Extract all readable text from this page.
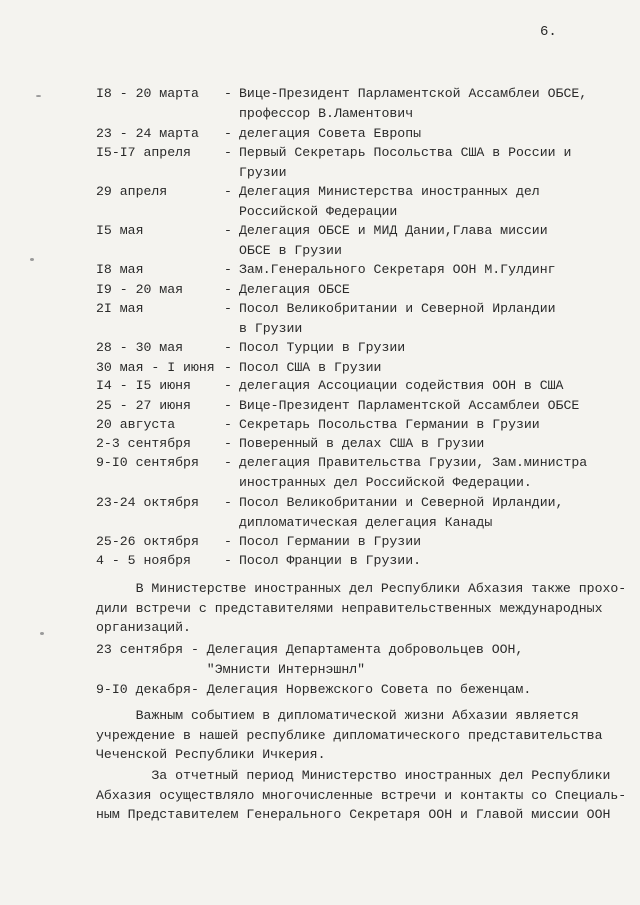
6.
I8 - 20 марта - Вице-Президент Парламентской Ассамблеи ОБСЕ,
профессор В.Ламентович
23 - 24 марта - делегация Совета Европы
I5-I7 апреля	- Первый Секретарь Посольства США в России и
Грузии
29 апреля	- Делегация Министерства иностранных дел
Российской Федерации
I5 мая	- Делегация ОБСЕ и МИД Дании,Глава миссии
ОБСЕ в Грузии
I8 мая	- Зам.Генерального Секретаря ООН М.Гулдинг
I9 - 20 мая	- Делегация ОБСЕ
2I мая	- Посол Великобритании и Северной Ирландии
в Грузии
28 - 30 мая	- Посол Турции в Грузии
30 мая - I июня - Посол США в Грузии
I4 - I5 июня	- делегация Ассоциации содействия ООН в США
25 - 27 июня	- Вице-Президент Парламентской Ассамблеи ОБСЕ
20 августа	- Секретарь Посольства Германии в Грузии
2-3 сентября	- Поверенный в делах США в Грузии
9-I0 сентября - делегация Правительства Грузии, Зам.министра
иностранных дел Российской Федерации.
23-24 октября - Посол Великобритании и Северной Ирландии,
дипломатическая делегация Канады
25-26 октября - Посол Германии в Грузии
4 - 5 ноября	- Посол Франции в Грузии.
В Министерстве иностранных дел Республики Абхазия также прохо-
дили встречи с представителями неправительственных международных
организаций.
23 сентября - Делегация Департамента добровольцев ООН,
"Эмнисти Интернэшнл"
9-I0 декабря- Делегация Норвежского Совета по беженцам.
Важным событием в дипломатической жизни Абхазии является
учреждение в нашей республике дипломатического представительства
Чеченской Республики Ичкерия.
За отчетный период Министерство иностранных дел Республики
Абхазия осуществляло многочисленные встречи и контакты со Специаль-
ным Представителем Генерального Секретаря ООН и Главой миссии ООН
